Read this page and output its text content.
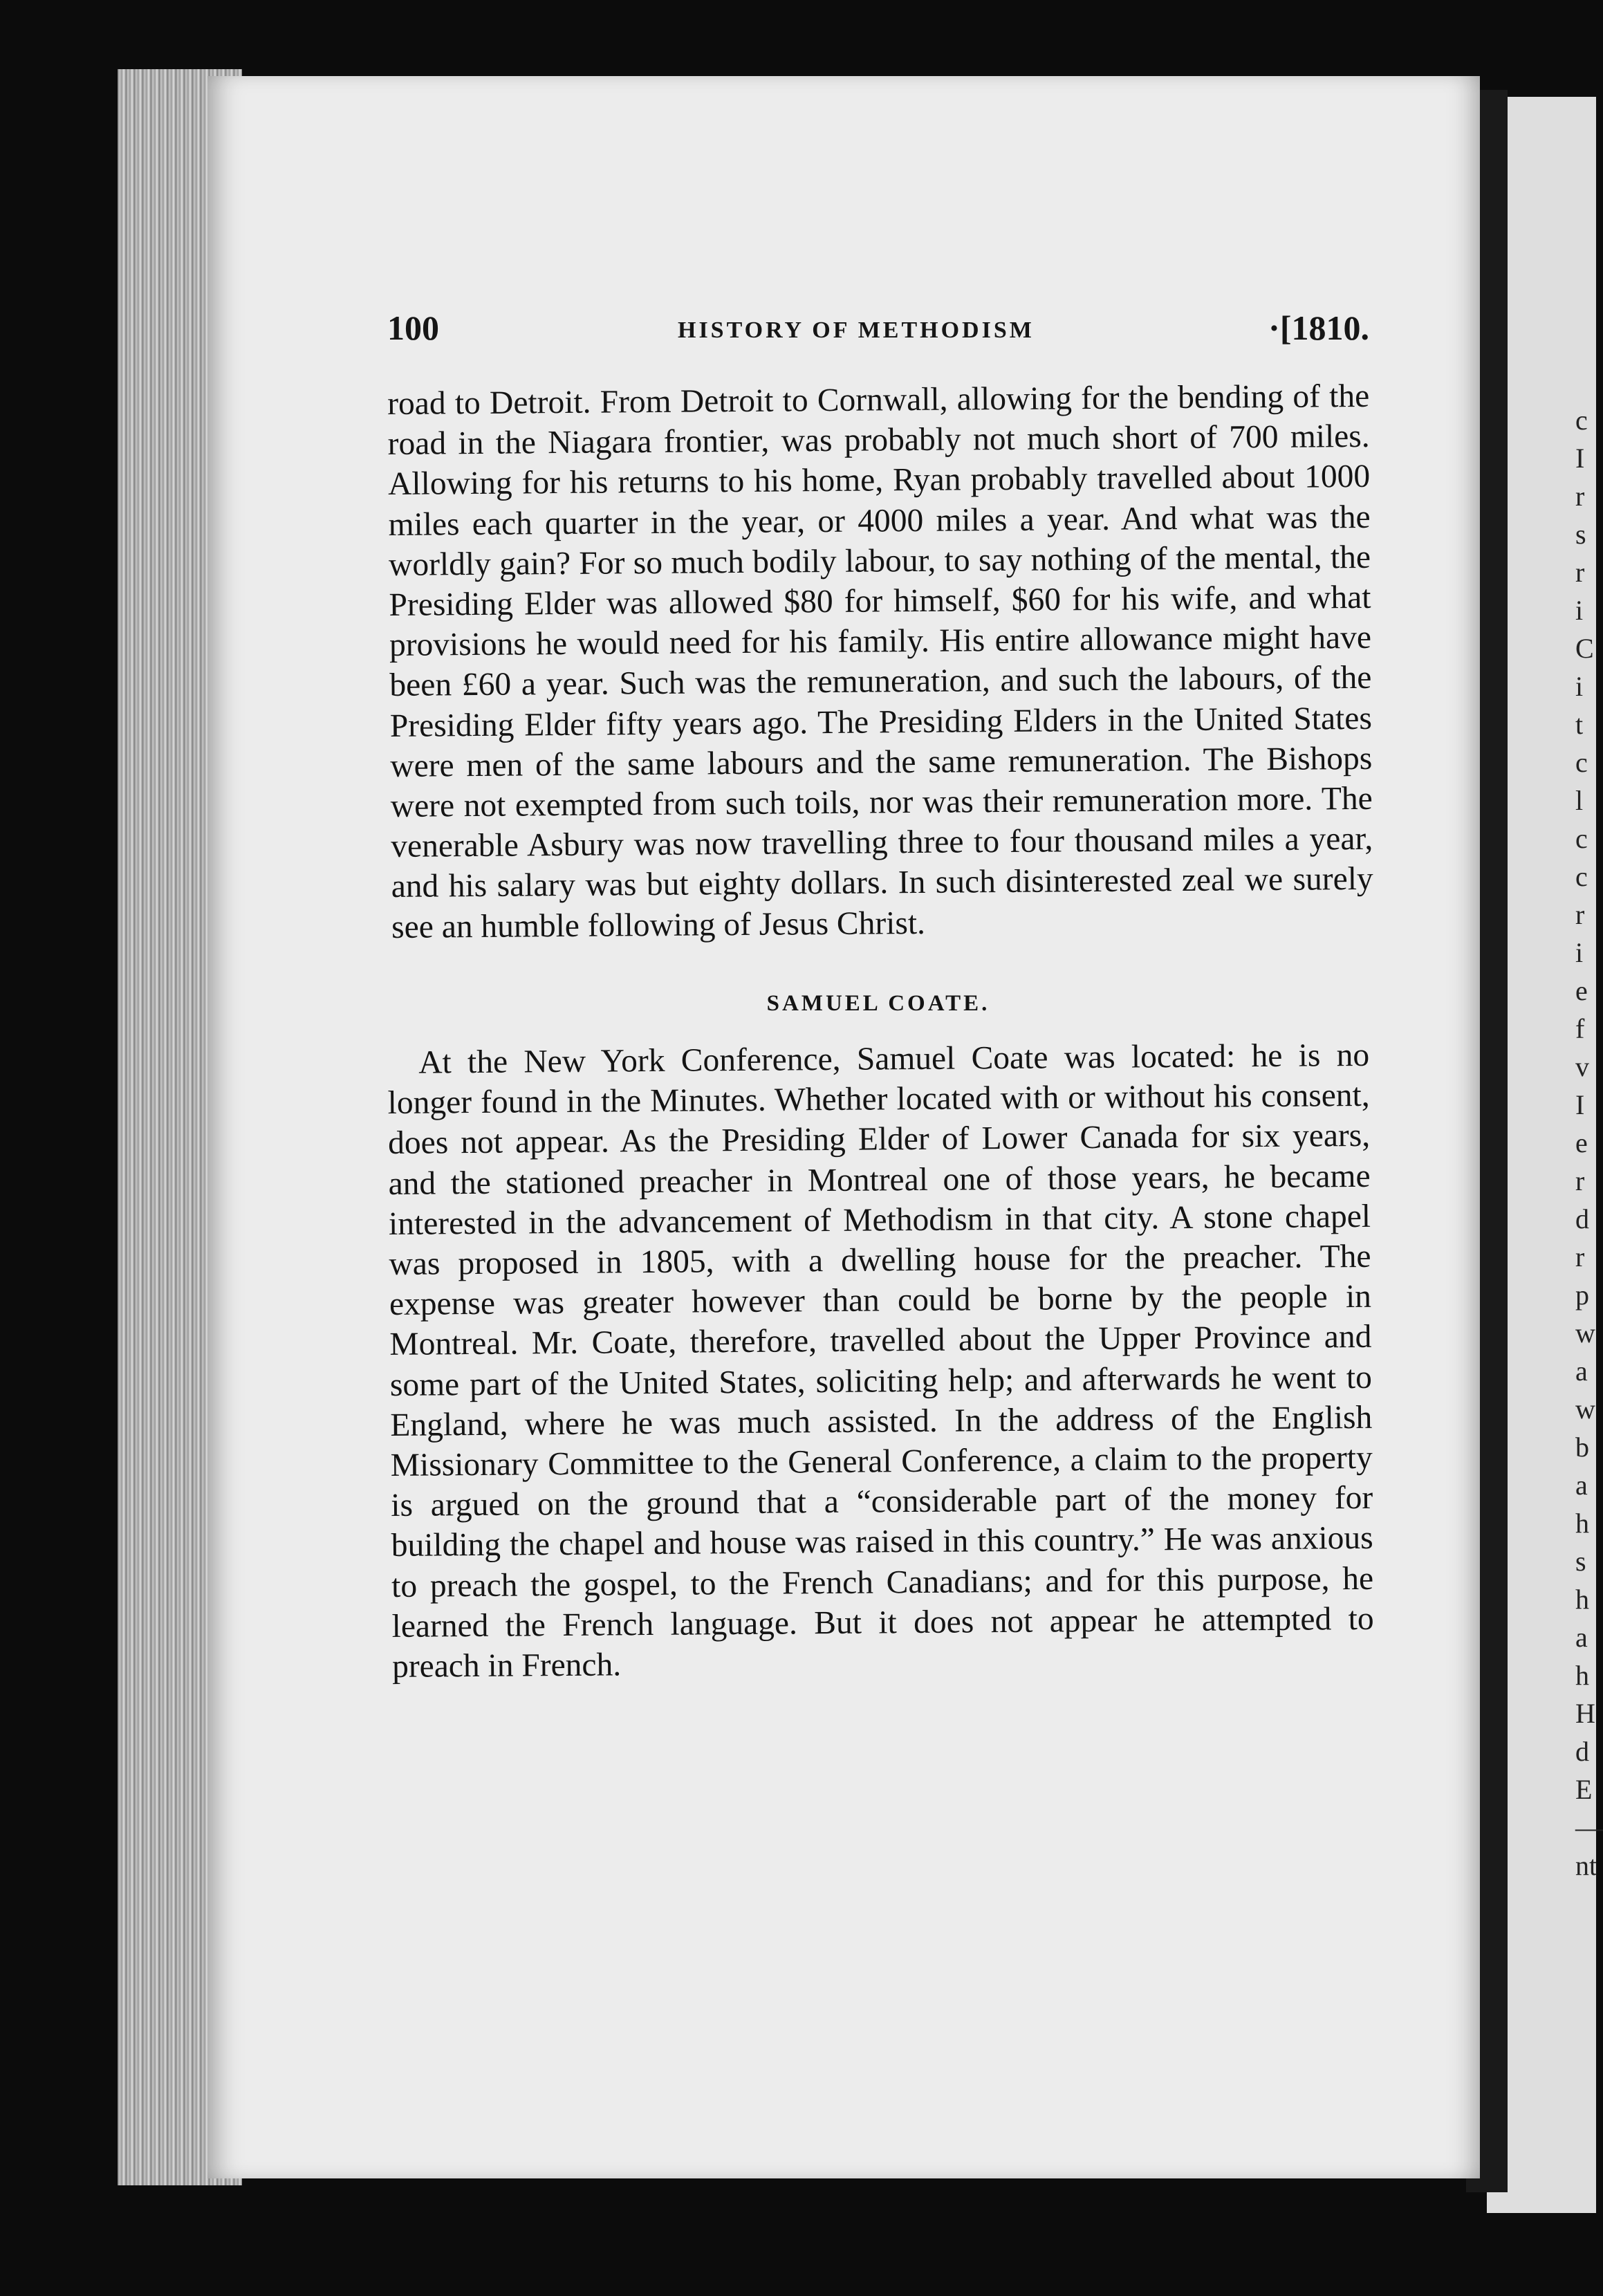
c
I
r
s
r
i
C
i
t
c
l
c
c
r
i
e
f
v
I
e
r
d
r
p
w
a
w
b
a
h
s
h
a
h
H
d
E
—
nt
100	HISTORY OF METHODISM	·[1810.

road to Detroit. From Detroit to Cornwall, allowing for the bending of the road in the Niagara frontier, was probably not much short of 700 miles. Allowing for his returns to his home, Ryan probably travelled about 1000 miles each quarter in the year, or 4000 miles a year. And what was the worldly gain? For so much bodily labour, to say nothing of the mental, the Presiding Elder was allowed $80 for himself, $60 for his wife, and what provisions he would need for his family. His entire allowance might have been £60 a year. Such was the remuneration, and such the labours, of the Presiding Elder fifty years ago. The Presiding Elders in the United States were men of the same labours and the same remuneration. The Bishops were not exempted from such toils, nor was their remuneration more. The venerable Asbury was now travelling three to four thousand miles a year, and his salary was but eighty dollars. In such disinterested zeal we surely see an humble following of Jesus Christ.

SAMUEL COATE.

At the New York Conference, Samuel Coate was located: he is no longer found in the Minutes. Whether located with or without his consent, does not appear. As the Presiding Elder of Lower Canada for six years, and the stationed preacher in Montreal one of those years, he became interested in the advancement of Methodism in that city. A stone chapel was proposed in 1805, with a dwelling house for the preacher. The expense was greater however than could be borne by the people in Montreal. Mr. Coate, therefore, travelled about the Upper Province and some part of the United States, soliciting help; and afterwards he went to England, where he was much assisted. In the address of the English Missionary Committee to the General Conference, a claim to the property is argued on the ground that a “considerable part of the money for building the chapel and house was raised in this country.” He was anxious to preach the gospel, to the French Canadians; and for this purpose, he learned the French language. But it does not appear he attempted to preach in French.
